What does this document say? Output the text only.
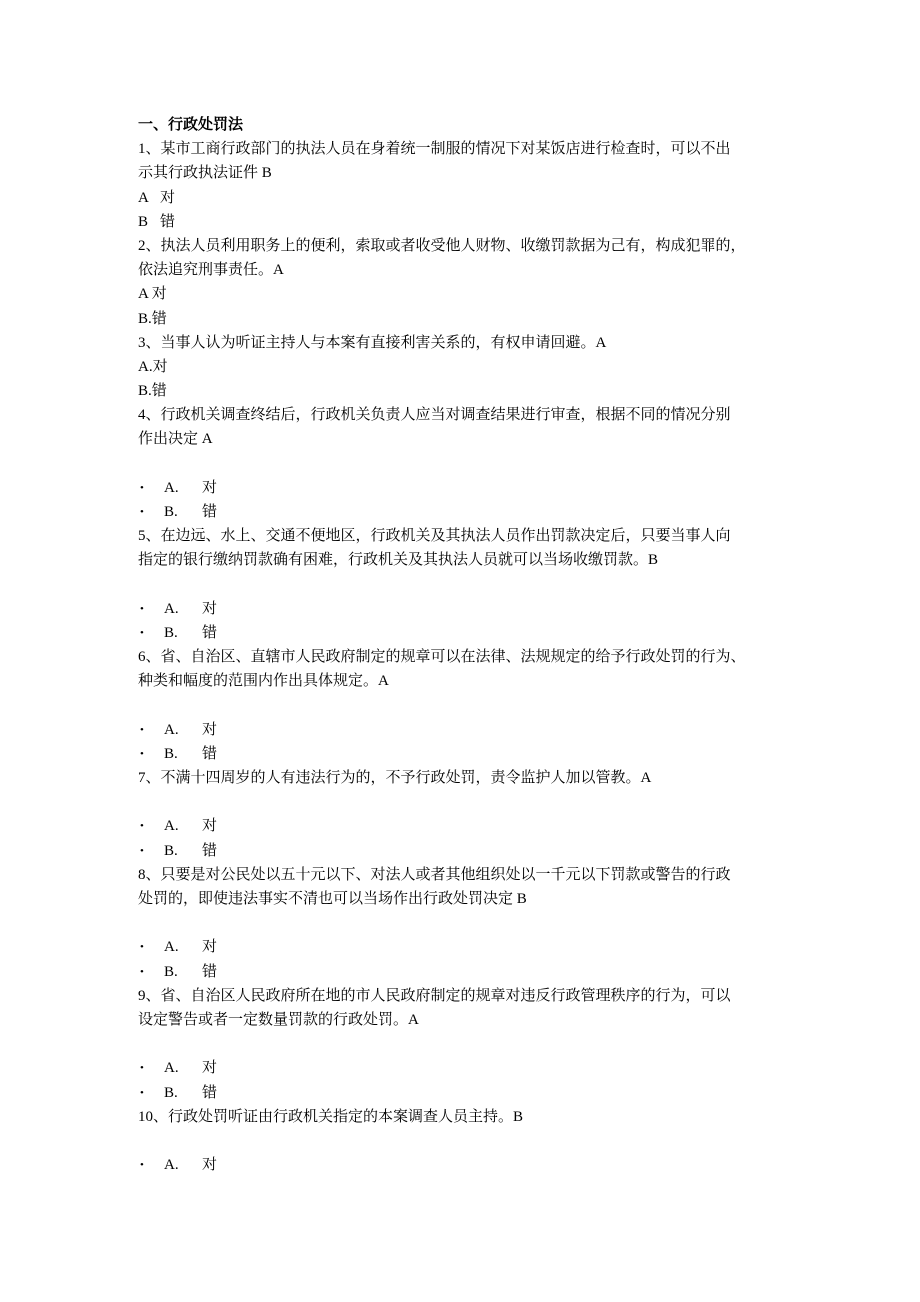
一、行政处罚法
1、某市工商行政部门的执法人员在身着统一制服的情况下对某饭店进行检查时，可以不出
示其行政执法证件 B
A 对
B 错
2、执法人员利用职务上的便利，索取或者收受他人财物、收缴罚款据为己有，构成犯罪的，
依法追究刑事责任。A
A 对
B.错
3、当事人认为听证主持人与本案有直接利害关系的，有权申请回避。A
A.对
B.错
4、行政机关调查终结后，行政机关负责人应当对调查结果进行审查，根据不同的情况分别
作出决定 A
• A. 对
• B. 错
5、在边远、水上、交通不便地区，行政机关及其执法人员作出罚款决定后，只要当事人向
指定的银行缴纳罚款确有困难，行政机关及其执法人员就可以当场收缴罚款。B
• A. 对
• B. 错
6、省、自治区、直辖市人民政府制定的规章可以在法律、法规规定的给予行政处罚的行为、
种类和幅度的范围内作出具体规定。A
• A. 对
• B. 错
7、不满十四周岁的人有违法行为的，不予行政处罚，责令监护人加以管教。A
• A. 对
• B. 错
8、只要是对公民处以五十元以下、对法人或者其他组织处以一千元以下罚款或警告的行政
处罚的，即使违法事实不清也可以当场作出行政处罚决定 B
• A. 对
• B. 错
9、省、自治区人民政府所在地的市人民政府制定的规章对违反行政管理秩序的行为，可以
设定警告或者一定数量罚款的行政处罚。A
• A. 对
• B. 错
10、行政处罚听证由行政机关指定的本案调查人员主持。B
• A. 对
